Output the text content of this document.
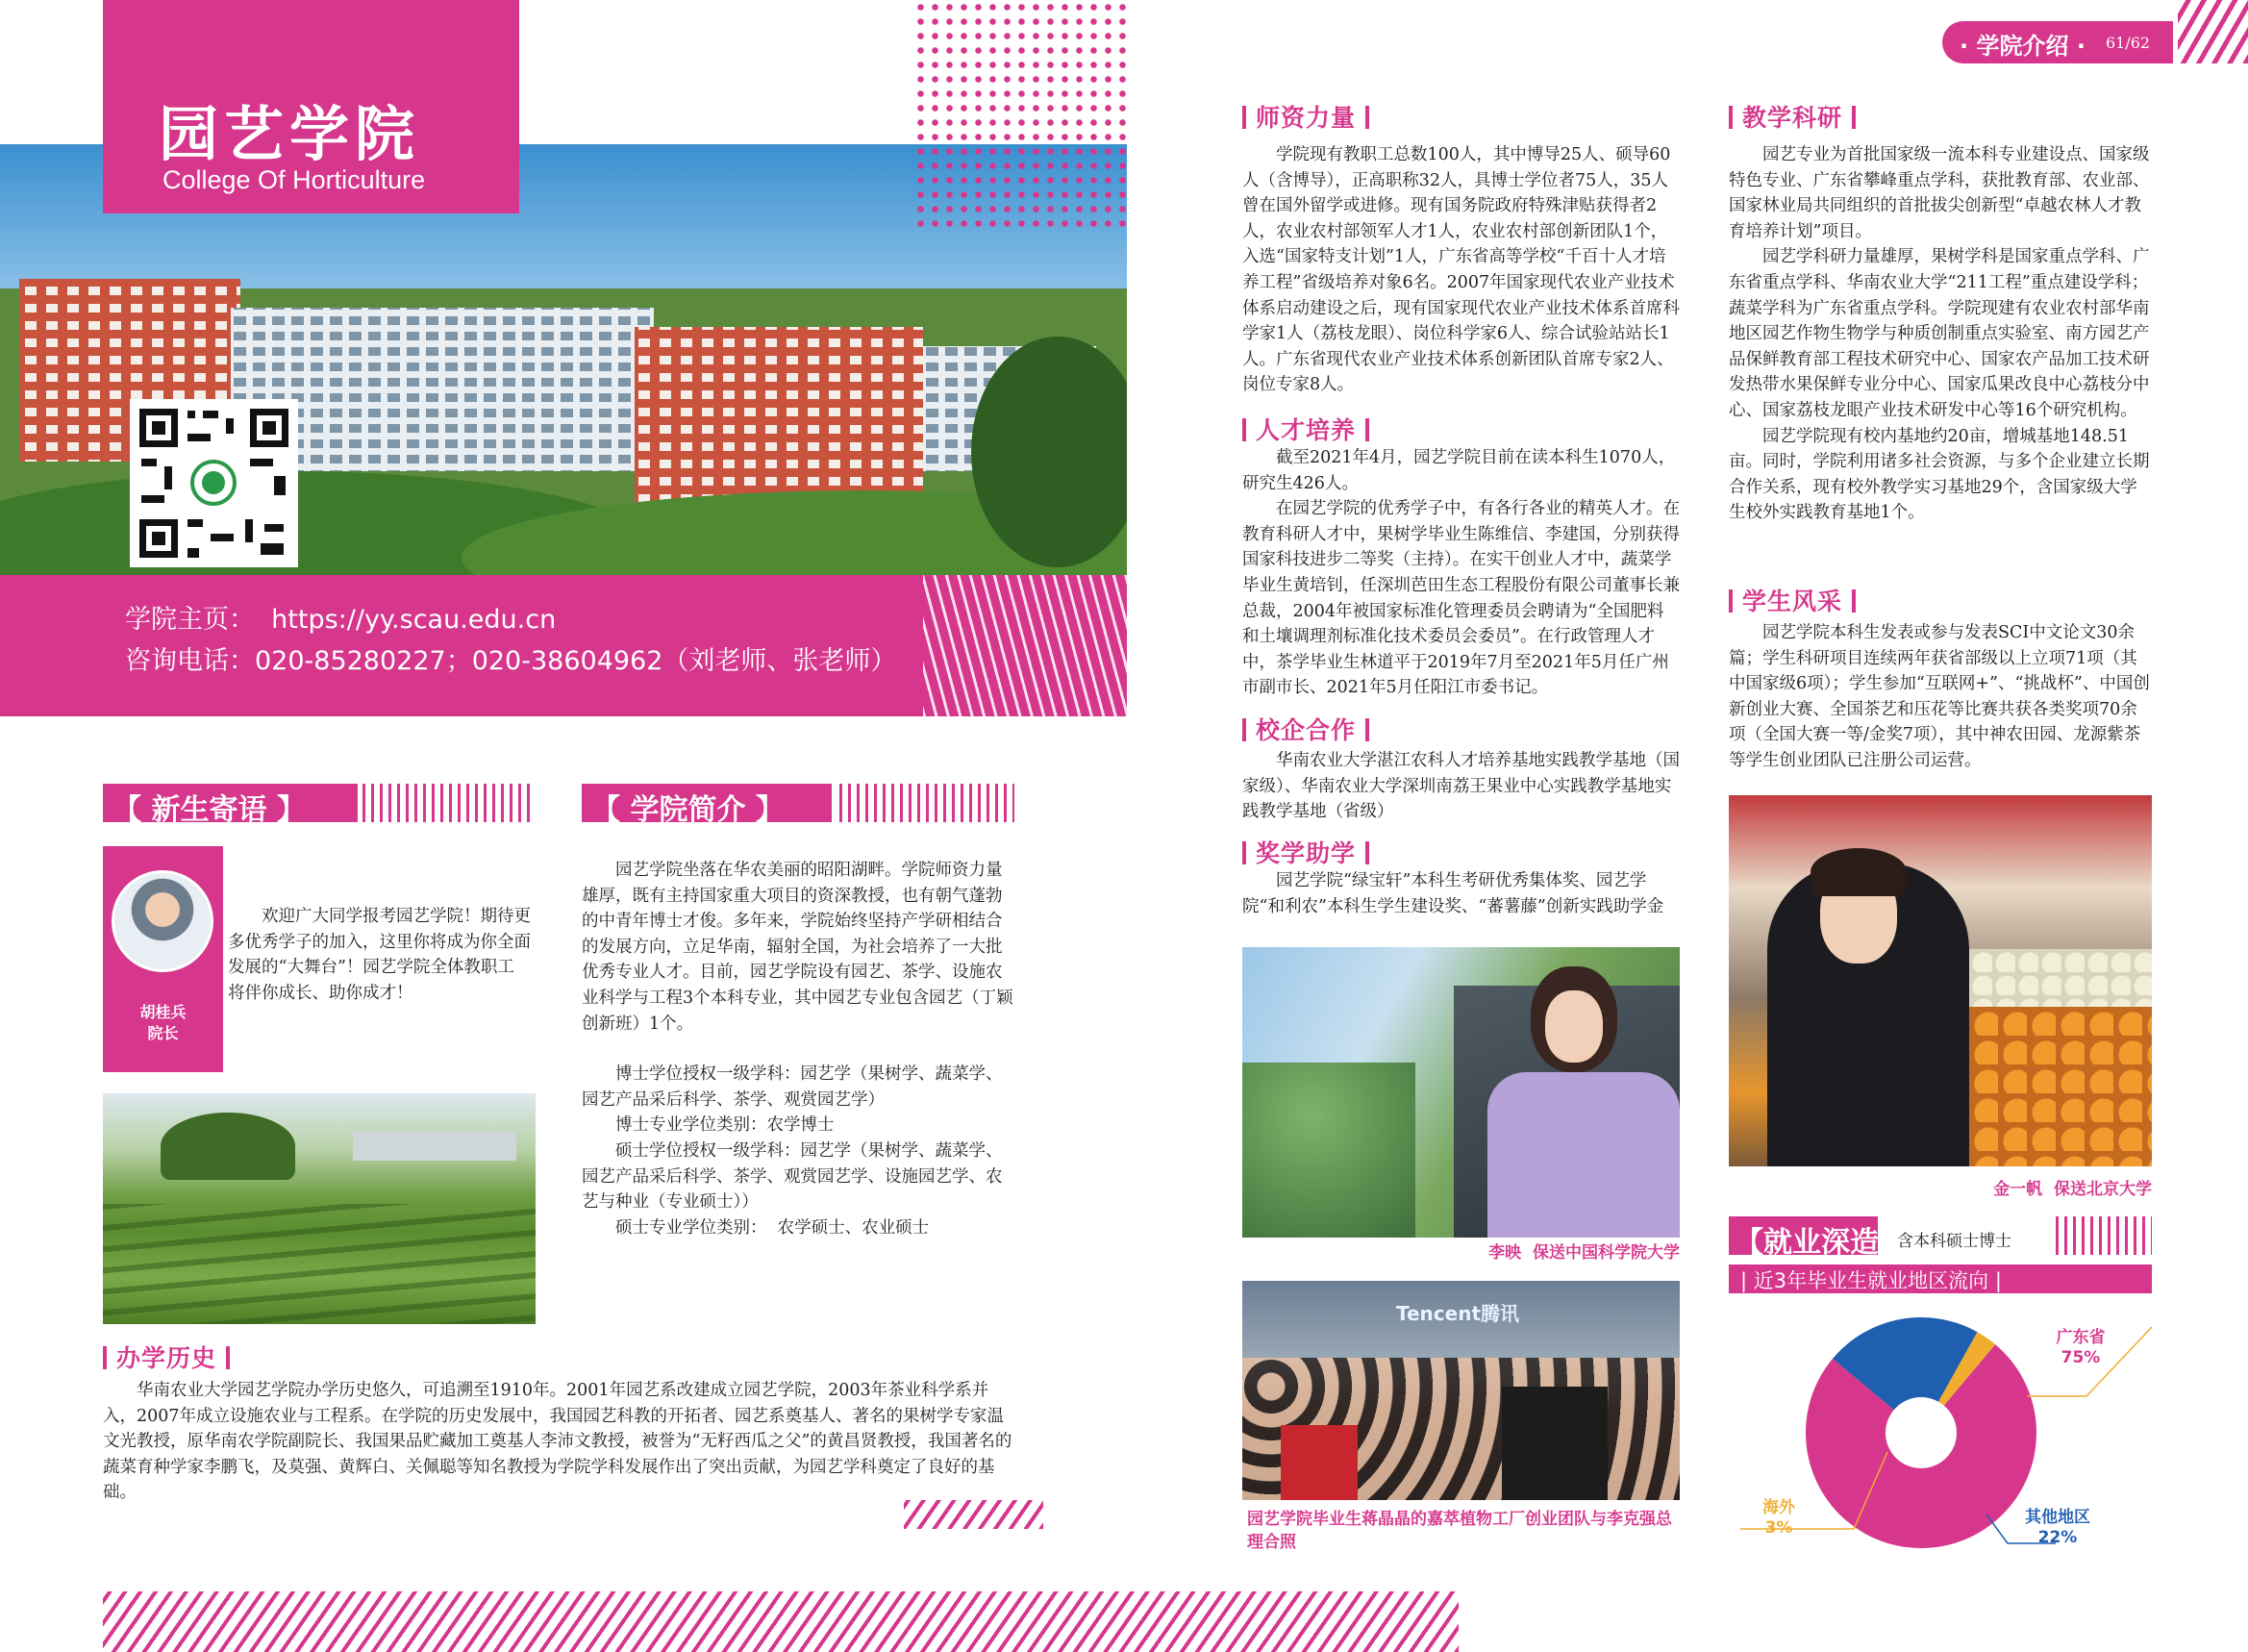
园艺学院
College Of Horticulture
学院主页：  https://yy.scau.edu.cn
咨询电话：020-85280227；020-38604962（刘老师、张老师）
【 新生寄语 】
胡桂兵
院长

欢迎广大同学报考园艺学院！期待更多优秀学子的加入，这里你将成为你全面发展的“大舞台”！园艺学院全体教职工将伴你成长、助你成才！

【 学院简介 】

园艺学院坐落在华农美丽的昭阳湖畔。学院师资力量雄厚，既有主持国家重大项目的资深教授，也有朝气蓬勃的中青年博士才俊。多年来，学院始终坚持产学研相结合的发展方向，立足华南，辐射全国，为社会培养了一大批优秀专业人才。目前，园艺学院设有园艺、茶学、设施农业科学与工程3个本科专业，其中园艺专业包含园艺（丁颖创新班）1个。

博士学位授权一级学科：园艺学（果树学、蔬菜学、园艺产品采后科学、茶学、观赏园艺学）

博士专业学位类别：农学博士

硕士学位授权一级学科：园艺学（果树学、蔬菜学、园艺产品采后科学、茶学、观赏园艺学、设施园艺学、农艺与种业（专业硕士））

硕士专业学位类别：  农学硕士、农业硕士

办学历史

华南农业大学园艺学院办学历史悠久，可追溯至1910年。2001年园艺系改建成立园艺学院，2003年茶业科学系并入，2007年成立设施农业与工程系。在学院的历史发展中，我国园艺科教的开拓者、园艺系奠基人、著名的果树学专家温文光教授，原华南农学院副院长、我国果品贮藏加工奠基人李沛文教授，被誉为“无籽西瓜之父”的黄昌贤教授，我国著名的蔬菜育种学家李鹏飞，及莫强、黄辉白、关佩聪等知名教授为学院学科发展作出了突出贡献，为园艺学科奠定了良好的基础。

· 学院介绍 · 61/62
师资力量

学院现有教职工总数100人，其中博导25人、硕导60人（含博导），正高职称32人，具博士学位者75人，35人曾在国外留学或进修。现有国务院政府特殊津贴获得者2人，农业农村部领军人才1人，农业农村部创新团队1个，入选“国家特支计划”1人，广东省高等学校“千百十人才培养工程”省级培养对象6名。2007年国家现代农业产业技术体系启动建设之后，现有国家现代农业产业技术体系首席科学家1人（荔枝龙眼）、岗位科学家6人、综合试验站站长1人。广东省现代农业产业技术体系创新团队首席专家2人、岗位专家8人。

人才培养

截至2021年4月，园艺学院目前在读本科生1070人，研究生426人。

在园艺学院的优秀学子中，有各行各业的精英人才。在教育科研人才中，果树学毕业生陈维信、李建国，分别获得国家科技进步二等奖（主持）。在实干创业人才中，蔬菜学毕业生黄培钊，任深圳芭田生态工程股份有限公司董事长兼总裁，2004年被国家标准化管理委员会聘请为“全国肥料和土壤调理剂标准化技术委员会委员”。在行政管理人才中，茶学毕业生林道平于2019年7月至2021年5月任广州市副市长、2021年5月任阳江市委书记。

校企合作

华南农业大学湛江农科人才培养基地实践教学基地（国家级）、华南农业大学深圳南荔王果业中心实践教学基地实践教学基地（省级）

奖学助学

园艺学院“绿宝轩”本科生考研优秀集体奖、园艺学院“和利农”本科生学生建设奖、“蕃薯藤”创新实践助学金

李映  保送中国科学院大学
Tencent腾讯
园艺学院毕业生蒋晶晶的嘉萃植物工厂创业团队与李克强总理合照
教学科研

园艺专业为首批国家级一流本科专业建设点、国家级特色专业、广东省攀峰重点学科，获批教育部、农业部、国家林业局共同组织的首批拔尖创新型“卓越农林人才教育培养计划”项目。

园艺学科研力量雄厚，果树学科是国家重点学科、广东省重点学科、华南农业大学“211工程”重点建设学科；蔬菜学科为广东省重点学科。学院现建有农业农村部华南地区园艺作物生物学与种质创制重点实验室、南方园艺产品保鲜教育部工程技术研究中心、国家农产品加工技术研发热带水果保鲜专业分中心、国家瓜果改良中心荔枝分中心、国家荔枝龙眼产业技术研发中心等16个研究机构。

园艺学院现有校内基地约20亩，增城基地148.51亩。同时，学院利用诸多社会资源，与多个企业建立长期合作关系，现有校外教学实习基地29个，含国家级大学生校外实践教育基地1个。

学生风采

园艺学院本科生发表或参与发表SCI中文论文30余篇；学生科研项目连续两年获省部级以上立项71项（其中国家级6项）；学生参加“互联网+”、“挑战杯”、中国创新创业大赛、全国茶艺和压花等比赛共获各类奖项70余项（全国大赛一等/金奖7项），其中神农田园、龙源紫茶等学生创业团队已注册公司运营。

金一帆  保送北京大学
【就业深造】
含本科硕士博士
| 近3年毕业生就业地区流向 |
广东省
75%
其他地区
22%
海外
3%
